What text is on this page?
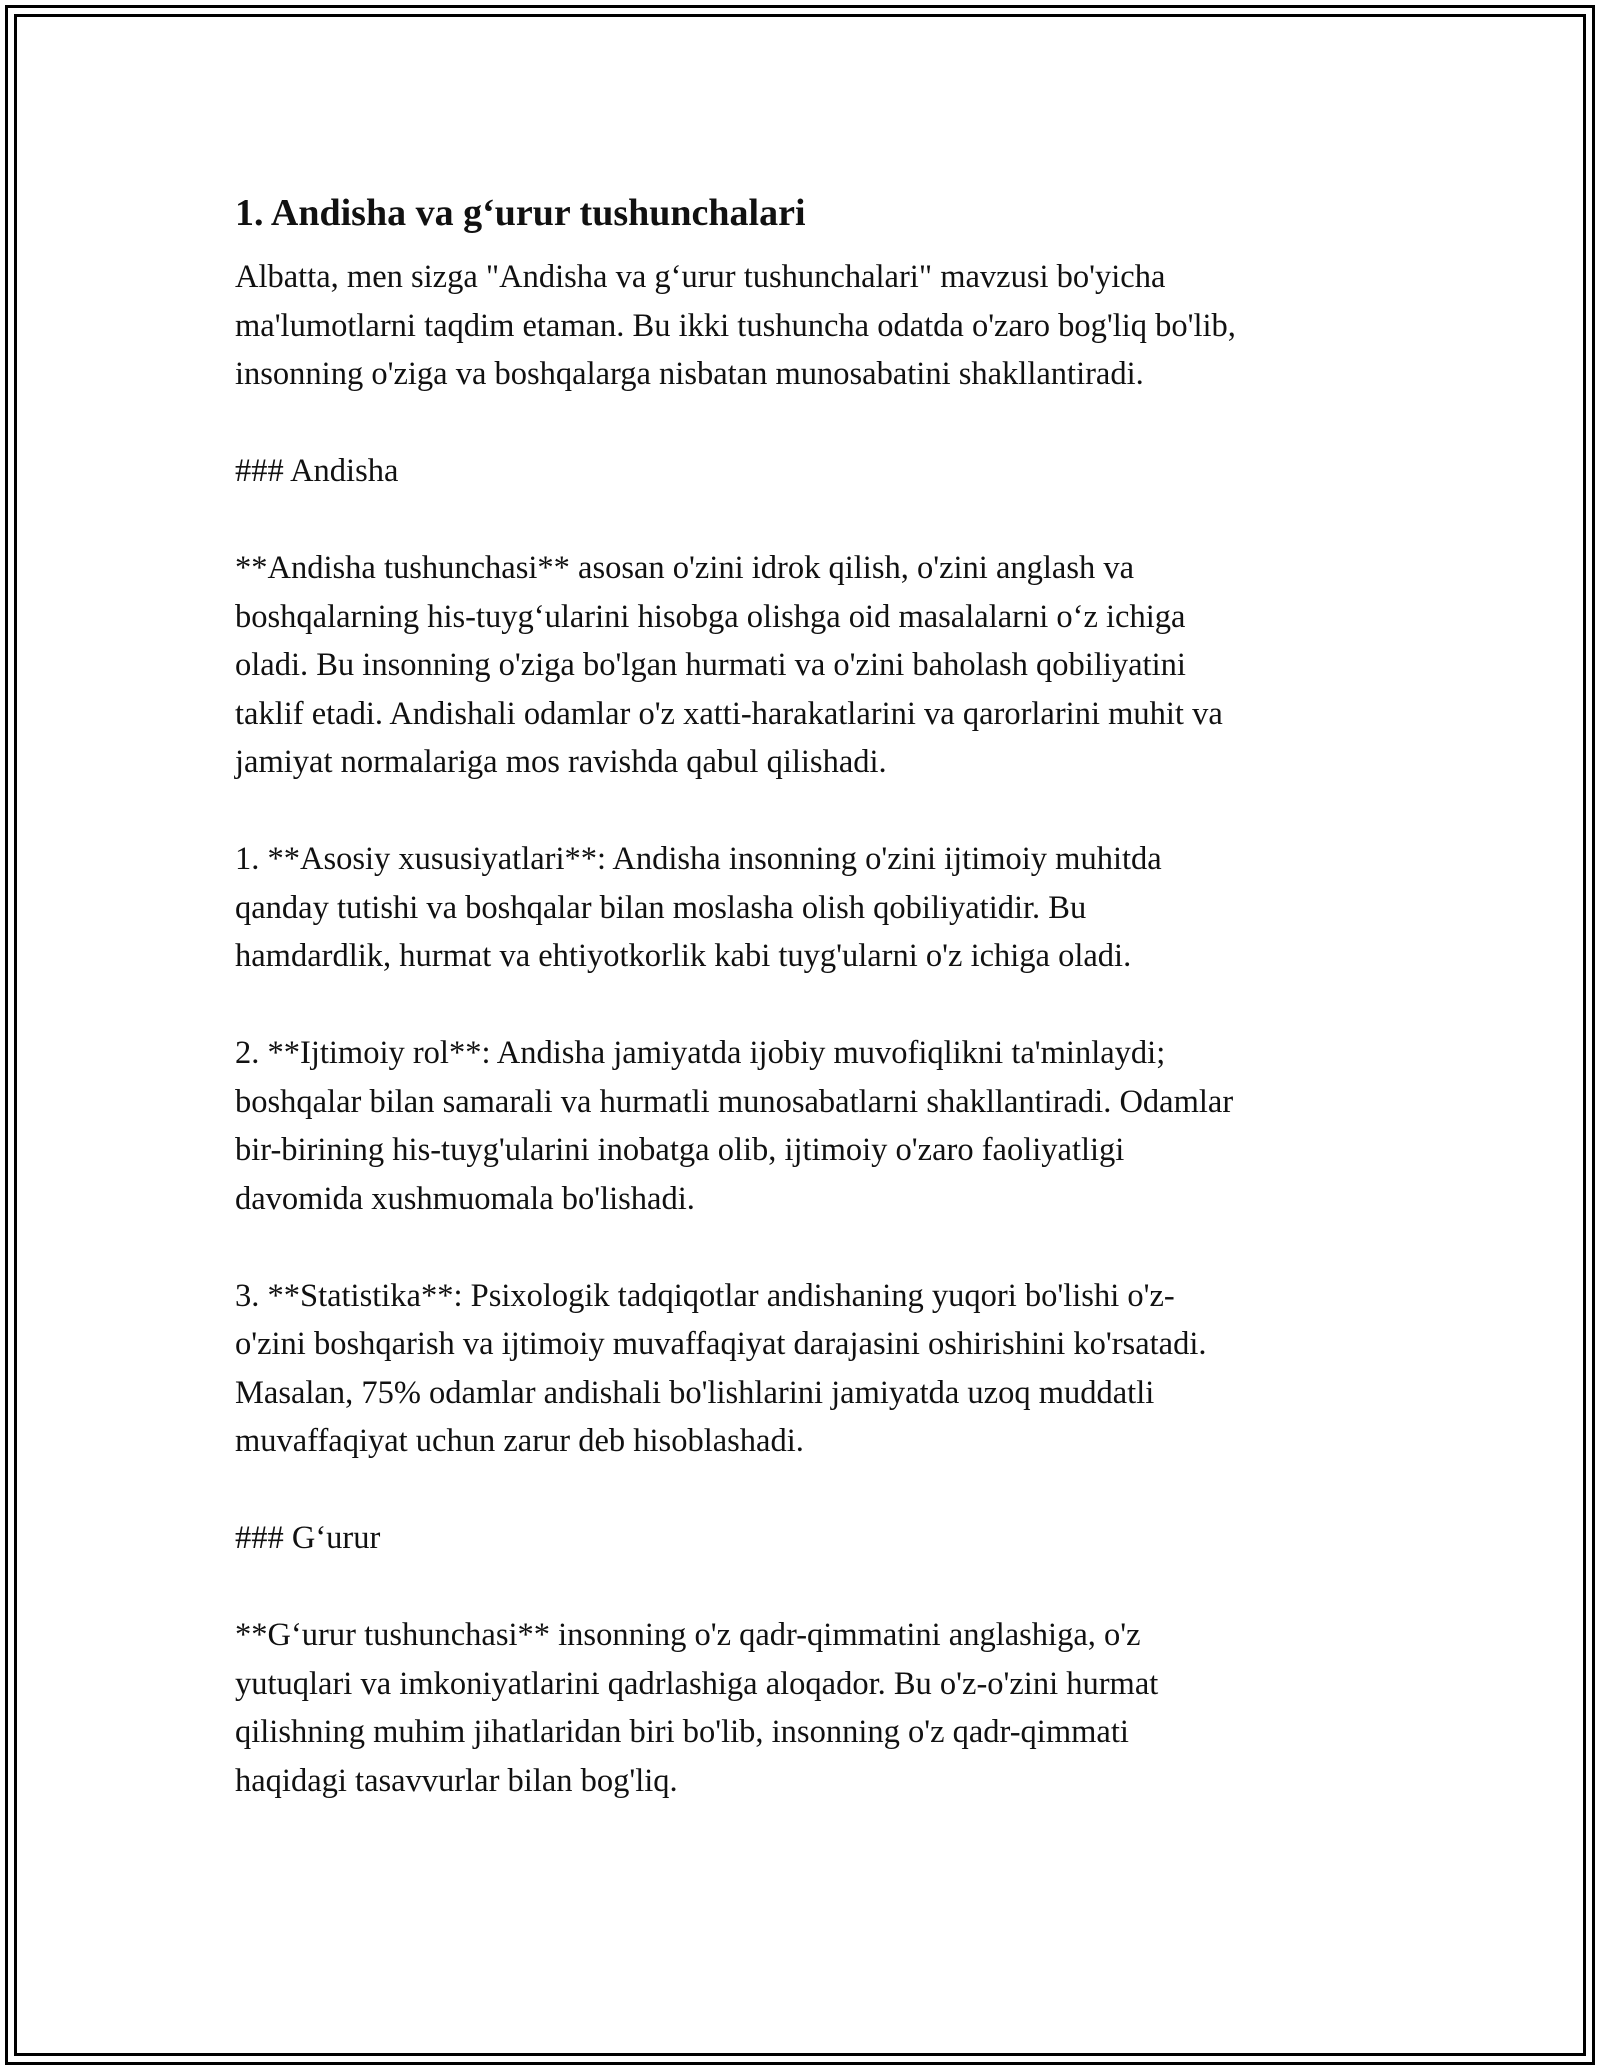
1. Andisha va g‘urur tushunchalari
Albatta, men sizga "Andisha va g‘urur tushunchalari" mavzusi bo'yicha
ma'lumotlarni taqdim etaman. Bu ikki tushuncha odatda o'zaro bog'liq bo'lib,
insonning o'ziga va boshqalarga nisbatan munosabatini shakllantiradi.
### Andisha
**Andisha tushunchasi** asosan o'zini idrok qilish, o'zini anglash va
boshqalarning his-tuyg‘ularini hisobga olishga oid masalalarni o‘z ichiga
oladi. Bu insonning o'ziga bo'lgan hurmati va o'zini baholash qobiliyatini
taklif etadi. Andishali odamlar o'z xatti-harakatlarini va qarorlarini muhit va
jamiyat normalariga mos ravishda qabul qilishadi.
1. **Asosiy xususiyatlari**: Andisha insonning o'zini ijtimoiy muhitda
qanday tutishi va boshqalar bilan moslasha olish qobiliyatidir. Bu
hamdardlik, hurmat va ehtiyotkorlik kabi tuyg'ularni o'z ichiga oladi.
2. **Ijtimoiy rol**: Andisha jamiyatda ijobiy muvofiqlikni ta'minlaydi;
boshqalar bilan samarali va hurmatli munosabatlarni shakllantiradi. Odamlar
bir-birining his-tuyg'ularini inobatga olib, ijtimoiy o'zaro faoliyatligi
davomida xushmuomala bo'lishadi.
3. **Statistika**: Psixologik tadqiqotlar andishaning yuqori bo'lishi o'z-
o'zini boshqarish va ijtimoiy muvaffaqiyat darajasini oshirishini ko'rsatadi.
Masalan, 75% odamlar andishali bo'lishlarini jamiyatda uzoq muddatli
muvaffaqiyat uchun zarur deb hisoblashadi.
### G‘urur
**G‘urur tushunchasi** insonning o'z qadr-qimmatini anglashiga, o'z
yutuqlari va imkoniyatlarini qadrlashiga aloqador. Bu o'z-o'zini hurmat
qilishning muhim jihatlaridan biri bo'lib, insonning o'z qadr-qimmati
haqidagi tasavvurlar bilan bog'liq.
